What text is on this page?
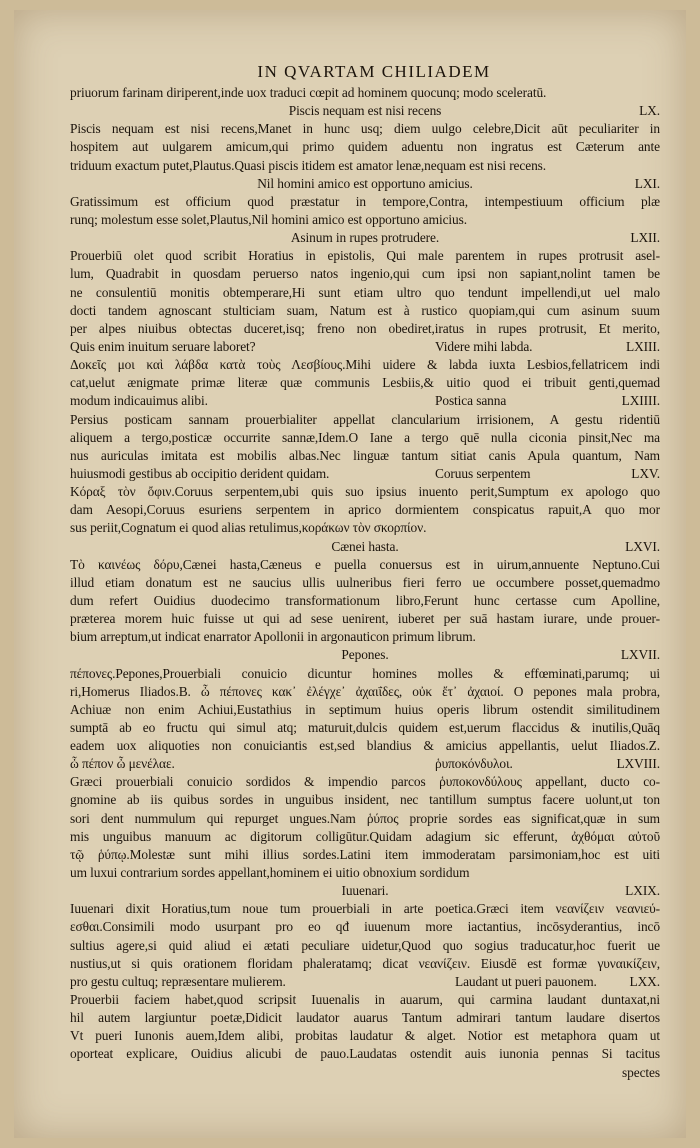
IN QVARTAM CHILIADEM
priuorum farinam diriperent,inde uox traduci cœpit ad hominem quocunq; modo sceleratū.
Piscis nequam est nisi recens	LX.
Piscis nequam est nisi recens,Manet in hunc usq; diem uulgo celebre,Dicit aūt peculiariter in
hospitem aut uulgarem amicum,qui primo quidem aduentu non ingratus est Cæterum ante
triduum exactum putet,Plautus.Quasi piscis itidem est amator lenæ,nequam est nisi recens.
Nil homini amico est opportuno amicius.	LXI.
Gratissimum est officium quod præstatur in tempore,Contra, intempestiuum officium plæ
runq; molestum esse solet,Plautus,Nil homini amico est opportuno amicius.
Asinum in rupes protrudere.	LXII.
Prouerbiū olet quod scribit Horatius in epistolis, Qui male parentem in rupes protrusit asel-
lum, Quadrabit in quosdam peruerso natos ingenio,qui cum ipsi non sapiant,nolint tamen be
ne consulentiū monitis obtemperare,Hi sunt etiam ultro quo tendunt impellendi,ut uel malo
docti tandem agnoscant stulticiam suam, Natum est à rustico quopiam,qui cum asinum suum
per alpes niuibus obtectas duceret,isq; freno non obediret,iratus in rupes protrusit, Et merito,
Quis enim inuitum seruare laboret?	Videre mihi labda.	LXIII.
Δοκεῖς μοι καὶ λάβδα κατὰ τοὺς Λεσβίους.Mihi uidere & labda iuxta Lesbios,fellatricem indi
cat,uelut ænigmate primæ literæ quæ communis Lesbiis,& uitio quod ei tribuit genti,quemad
modum indicauimus alibi.	Postica sanna	LXIIII.
Persius posticam sannam prouerbialiter appellat clancularium irrisionem, A gestu ridentiū
aliquem a tergo,posticæ occurrite sannæ,Idem.O Iane a tergo quē nulla ciconia pinsit,Nec ma
nus auriculas imitata est mobilis albas.Nec linguæ tantum sitiat canis Apula quantum, Nam
huiusmodi gestibus ab occipitio derident quidam.	Coruus serpentem	LXV.
Κόραξ τὸν ὄφιν.Coruus serpentem,ubi quis suo ipsius inuento perit,Sumptum ex apologo quo
dam Aesopi,Coruus esuriens serpentem in aprico dormientem conspicatus rapuit,A quo mor
sus periit,Cognatum ei quod alias retulimus,κοράκων τὸν σκορπίον.
Cænei hasta.	LXVI.
Τὸ καινέως δόρυ,Cænei hasta,Cæneus e puella conuersus est in uirum,annuente Neptuno.Cui
illud etiam donatum est ne saucius ullis uulneribus fieri ferro ue occumbere posset,quemadmo
dum refert Ouidius duodecimo transformationum libro,Ferunt hunc certasse cum Apolline,
præterea morem huic fuisse ut qui ad sese uenirent, iuberet per suā hastam iurare, unde prouer-
bium arreptum,ut indicat enarrator Apollonii in argonauticon primum librum.
Pepones.	LXVII.
πέπονες.Pepones,Prouerbiali conuicio dicuntur homines molles & effœminati,parumq; ui
ri,Homerus Iliados.B. ὦ πέπονες κακ᾽ ἐλέγχε᾽ ἀχαιΐδες, οὐκ ἔτ᾽ ἀχαιοί. O pepones mala probra,
Achiuæ non enim Achiui,Eustathius in septimum huius operis librum ostendit similitudinem
sumptā ab eo fructu qui simul atq; maturuit,dulcis quidem est,uerum flaccidus & inutilis,Quāq
eadem uox aliquoties non conuiciantis est,sed blandius & amicius appellantis, uelut Iliados.Z.
ὦ πέπον ὦ μενέλαε.	ῥυποκόνδυλοι.	LXVIII.
Græci prouerbiali conuicio sordidos & impendio parcos ῥυποκονδύλους appellant, ducto co-
gnomine ab iis quibus sordes in unguibus insident, nec tantillum sumptus facere uolunt,ut ton
sori dent nummulum qui repurget ungues.Nam ῥύπος proprie sordes eas significat,quæ in sum
mis unguibus manuum ac digitorum colligūtur.Quidam adagium sic efferunt, ἀχθόμαι αὐτοῦ
τῷ ῥύπῳ.Molestæ sunt mihi illius sordes.Latini item immoderatam parsimoniam,hoc est uiti
um luxui contrarium sordes appellant,hominem ei uitio obnoxium sordidum
Iuuenari.	LXIX.
Iuuenari dixit Horatius,tum noue tum prouerbiali in arte poetica.Græci item νεανίζειν νεανιεύ-
εσθαι.Consimili modo usurpant pro eo qđ iuuenum more iactantius, incōsyderantius, incō
sultius agere,si quid aliud ei ætati peculiare uidetur,Quod quo sogius traducatur,hoc fuerit ue
nustius,ut si quis orationem floridam phaleratamq; dicat νεανίζειν. Eiusdē est formæ γυναικίζειν,
pro gestu cultuq; repræsentare mulierem.	Laudant ut pueri pauonem. LXX.
Prouerbii faciem habet,quod scripsit Iuuenalis in auarum, qui carmina laudant duntaxat,ni
hil autem largiuntur poetæ,Didicit laudator auarus Tantum admirari tantum laudare disertos
Vt pueri Iunonis auem,Idem alibi, probitas laudatur & alget. Notior est metaphora quam ut
oporteat explicare, Ouidius alicubi de pauo.Laudatas ostendit auis iunonia pennas Si tacitus
spectes
